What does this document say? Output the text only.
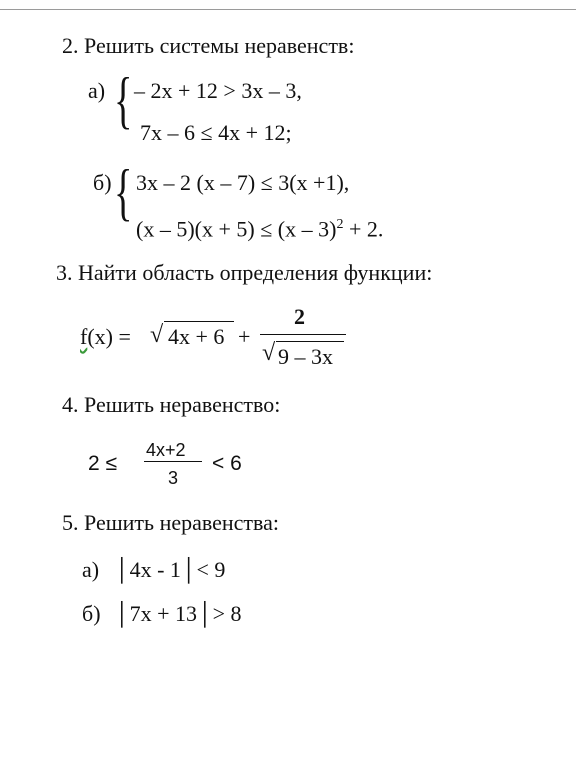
2. Решить системы неравенств:
а) { – 2х + 12 > 3х – 3,
7х – 6 ≤ 4х + 12;
б) { 3х – 2 (х – 7) ≤ 3(х +1),
(х – 5)(х + 5) ≤ (х – 3)$^2$ + 2.
3. Найти область определения функции:
f(x) = √ 4x + 6 +
2
√ 9 – 3x
4. Решить неравенство:
2 ≤
4x+2
3
< 6
5. Решить неравенства:
а) │4х - 1│< 9
б) │7х + 13│> 8
